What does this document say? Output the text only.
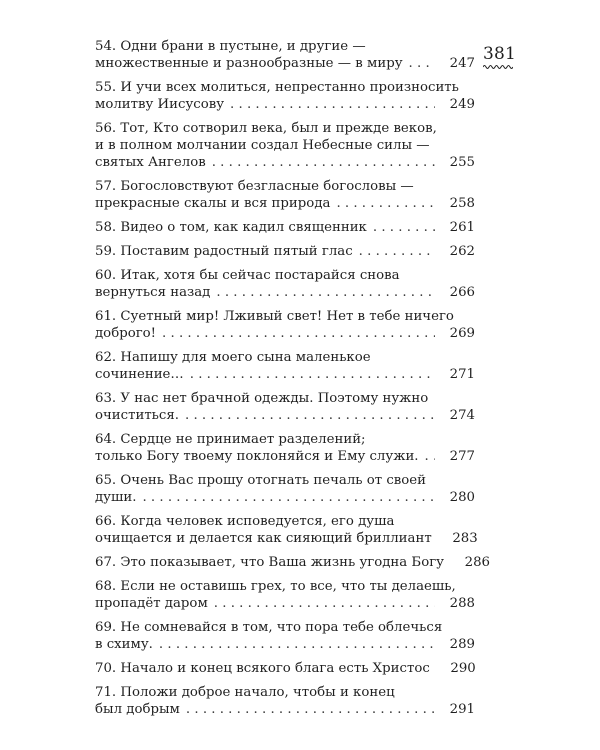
381
54. Одни брани в пустыне, и другие —
множественные и разнообразные — в миру . . .	247
55. И учи всех молиться, непрестанно произносить
молитву Иисусову . . .	249
56. Тот, Кто сотворил века, был и прежде веков,
и в полном молчании создал Небесные силы —
святых Ангелов . . .	255
57. Богословствуют безгласные богословы —
прекрасные скалы и вся природа . . .	258
58. Видео о том, как кадил священник . . .	261
59. Поставим радостный пятый глас . . .	262
60. Итак, хотя бы сейчас постарайся снова
вернуться назад . . .	266
61. Суетный мир! Лживый свет! Нет в тебе ничего
доброго! . . .	269
62. Напишу для моего сына маленькое
сочинение… . . .	271
63. У нас нет брачной одежды. Поэтому нужно
очиститься. . . .	274
64. Сердце не принимает разделений;
только Богу твоему поклоняйся и Ему служи. . . .	277
65. Очень Вас прошу отогнать печаль от своей
души. . . .	280
66. Когда человек исповедуется, его душа
очищается и делается как сияющий бриллиант	283
67. Это показывает, что Ваша жизнь угодна Богу	286
68. Если не оставишь грех, то все, что ты делаешь,
пропадёт даром . . .	288
69. Не сомневайся в том, что пора тебе облечься
в схиму. . . .	289
70. Начало и конец всякого блага есть Христос	290
71. Положи доброе начало, чтобы и конец
был добрым . . .	291
